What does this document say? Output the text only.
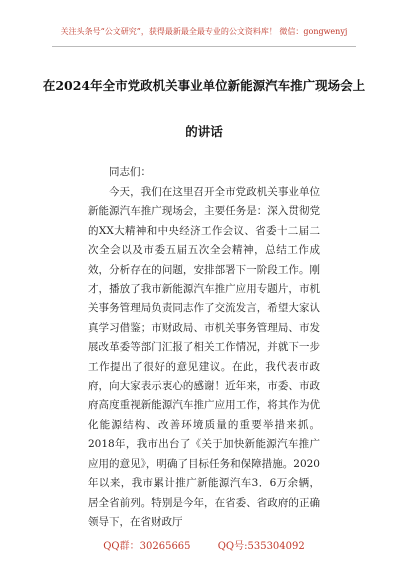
关注头条号“公文研究”，获得最新最全最专业的公文资料库！ 微信：gongwenyj
在2024年全市党政机关事业单位新能源汽车推广现场会上
的讲话
同志们：
今天，我们在这里召开全市党政机关事业单位新能源汽车推广现场会，主要任务是：深入贯彻党的XX大精神和中央经济工作会议、省委十二届二次全会以及市委五届五次全会精神，总结工作成效，分析存在的问题，安排部署下一阶段工作。刚才，播放了我市新能源汽车推广应用专题片，市机关事务管理局负责同志作了交流发言，希望大家认真学习借鉴；市财政局、市机关事务管理局、市发展改革委等部门汇报了相关工作情况，并就下一步工作提出了很好的意见建议。在此，我代表市政府，向大家表示衷心的感谢！近年来，市委、市政府高度重视新能源汽车推广应用工作，将其作为优化能源结构、改善环境质量的重要举措来抓。2018年，我市出台了《关于加快新能源汽车推广应用的意见》，明确了目标任务和保障措施。2020年以来，我市累计推广新能源汽车3．6万余辆，居全省前列。特别是今年，在省委、省政府的正确领导下，在省财政厅
QQ群：30265665	QQ号:535304092
